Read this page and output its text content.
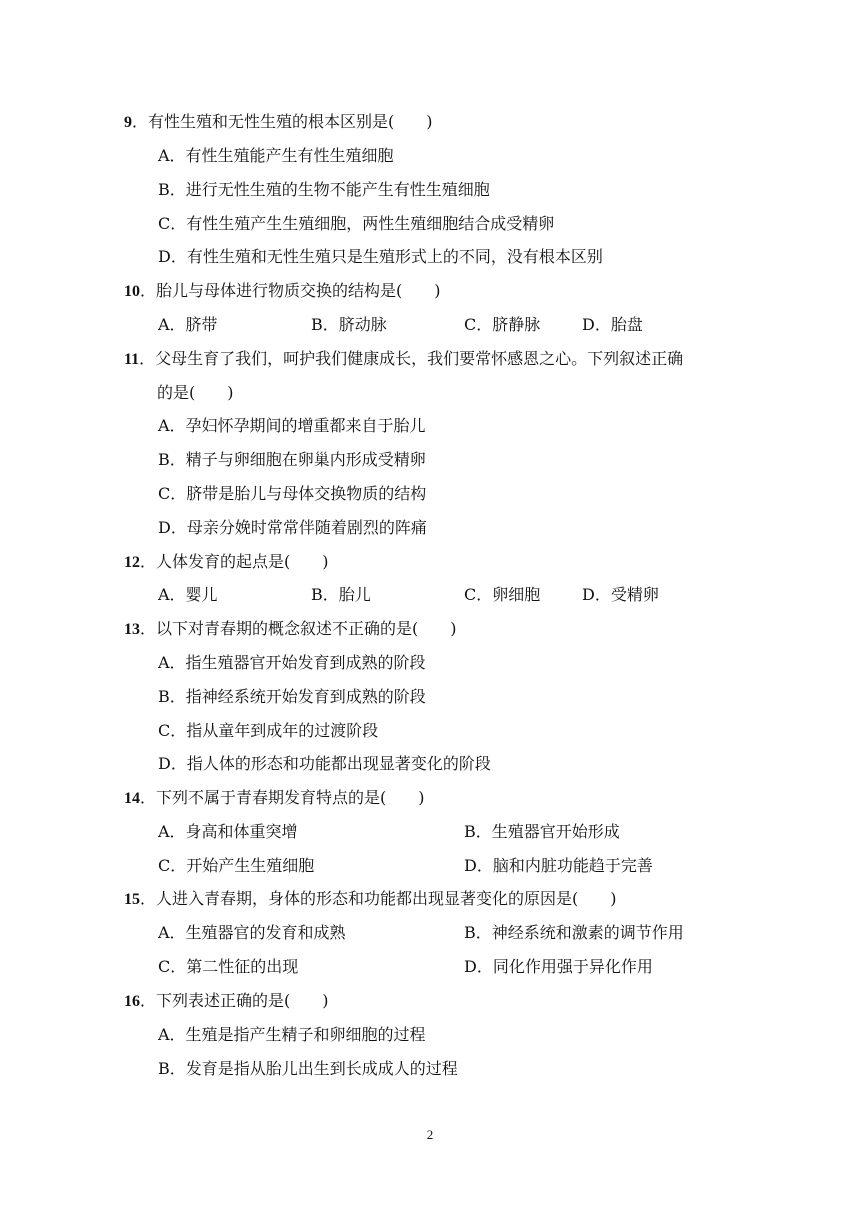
9．有性生殖和无性生殖的根本区别是(　　)
A．有性生殖能产生有性生殖细胞
B．进行无性生殖的生物不能产生有性生殖细胞
C．有性生殖产生生殖细胞，两性生殖细胞结合成受精卵
D．有性生殖和无性生殖只是生殖形式上的不同，没有根本区别
10．胎儿与母体进行物质交换的结构是(　　)
A．脐带	B．脐动脉	C．脐静脉	D．胎盘
11．父母生育了我们，呵护我们健康成长，我们要常怀感恩之心。下列叙述正确
的是(　　)
A．孕妇怀孕期间的增重都来自于胎儿
B．精子与卵细胞在卵巢内形成受精卵
C．脐带是胎儿与母体交换物质的结构
D．母亲分娩时常常伴随着剧烈的阵痛
12．人体发育的起点是(　　)
A．婴儿	B．胎儿	C．卵细胞	D．受精卵
13．以下对青春期的概念叙述不正确的是(　　)
A．指生殖器官开始发育到成熟的阶段
B．指神经系统开始发育到成熟的阶段
C．指从童年到成年的过渡阶段
D．指人体的形态和功能都出现显著变化的阶段
14．下列不属于青春期发育特点的是(　　)
A．身高和体重突增	B．生殖器官开始形成
C．开始产生生殖细胞	D．脑和内脏功能趋于完善
15．人进入青春期，身体的形态和功能都出现显著变化的原因是(　　)
A．生殖器官的发育和成熟	B．神经系统和激素的调节作用
C．第二性征的出现	D．同化作用强于异化作用
16．下列表述正确的是(　　)
A．生殖是指产生精子和卵细胞的过程
B．发育是指从胎儿出生到长成成人的过程
2
